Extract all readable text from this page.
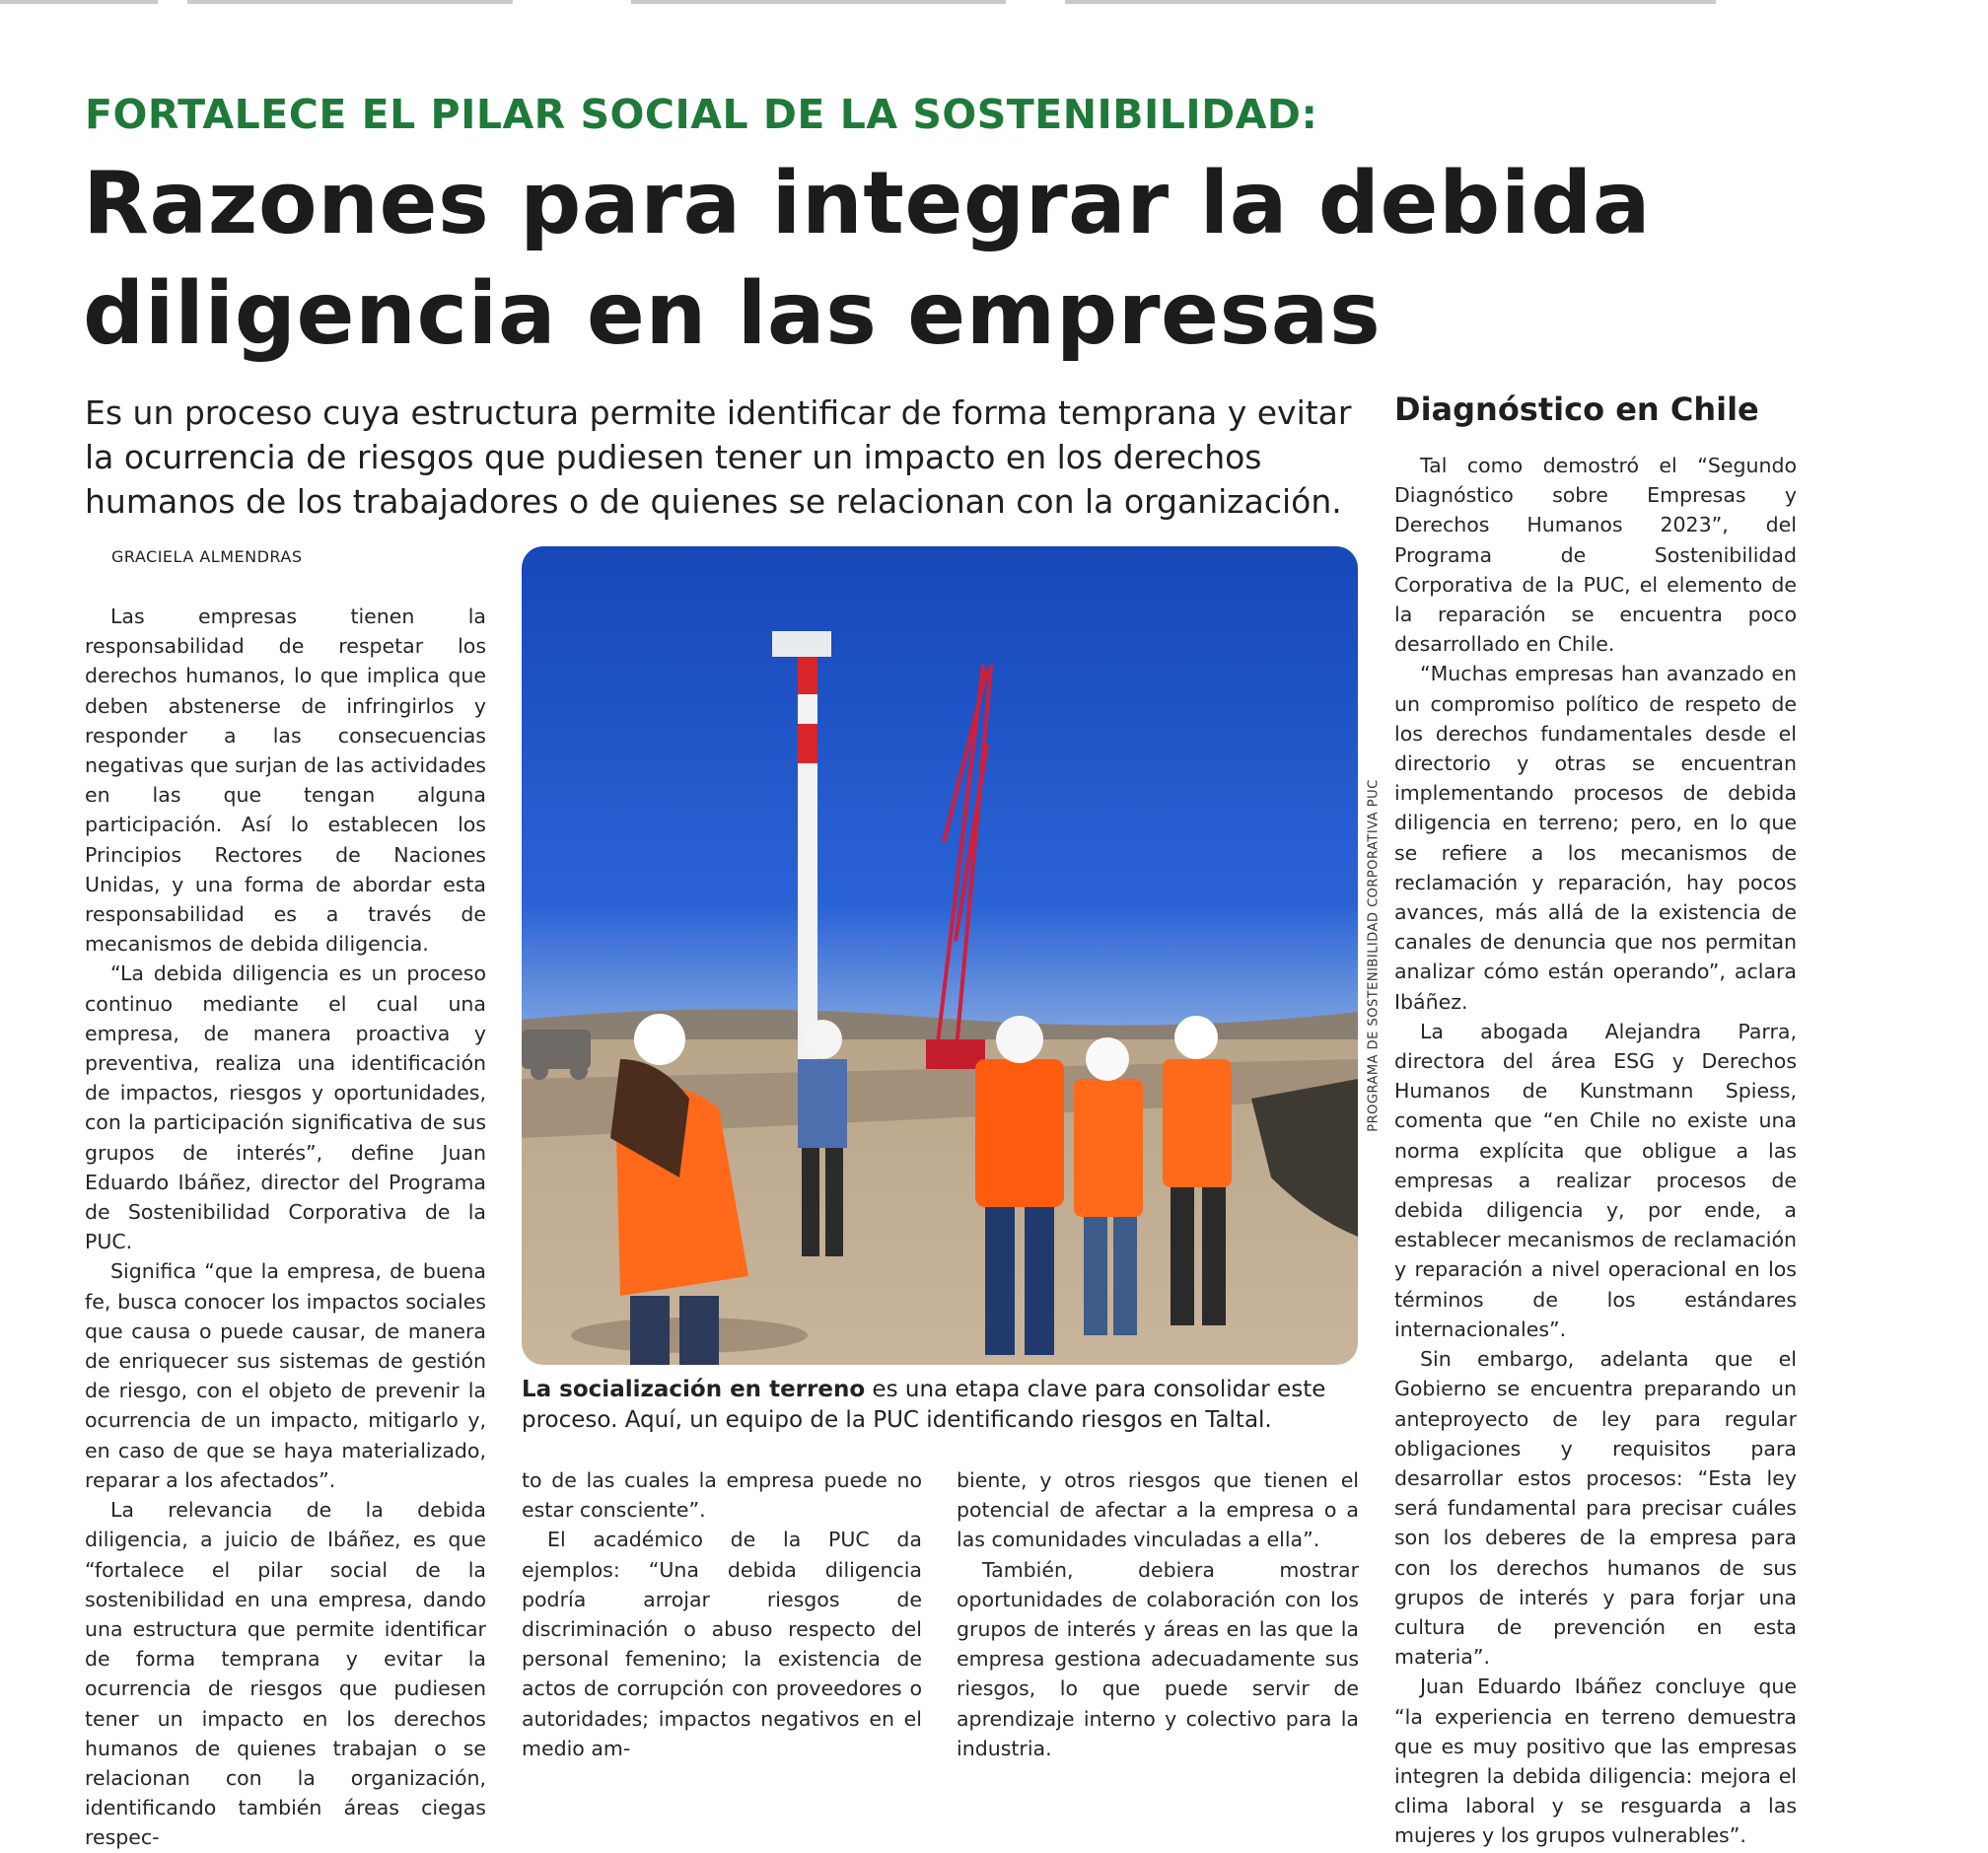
FORTALECE EL PILAR SOCIAL DE LA SOSTENIBILIDAD:
Razones para integrar la debida diligencia en las empresas
Es un proceso cuya estructura permite identificar de forma temprana y evitar la ocurrencia de riesgos que pudiesen tener un impacto en los derechos humanos de los trabajadores o de quienes se relacionan con la organización.
GRACIELA ALMENDRAS

Las empresas tienen la responsabilidad de respetar los derechos humanos, lo que implica que deben abstenerse de infringirlos y responder a las consecuencias negativas que surjan de las actividades en las que tengan alguna participación. Así lo establecen los Principios Rectores de Naciones Unidas, y una forma de abordar esta responsabilidad es a través de mecanismos de debida diligencia.

“La debida diligencia es un proceso continuo mediante el cual una empresa, de manera proactiva y preventiva, realiza una identificación de impactos, riesgos y oportunidades, con la participación significativa de sus grupos de interés”, define Juan Eduardo Ibáñez, director del Programa de Sostenibilidad Corporativa de la PUC.

Significa “que la empresa, de buena fe, busca conocer los impactos sociales que causa o puede causar, de manera de enriquecer sus sistemas de gestión de riesgo, con el objeto de prevenir la ocurrencia de un impacto, mitigarlo y, en caso de que se haya materializado, reparar a los afectados”.

La relevancia de la debida diligencia, a juicio de Ibáñez, es que “fortalece el pilar social de la sostenibilidad en una empresa, dando una estructura que permite identificar de forma temprana y evitar la ocurrencia de riesgos que pudiesen tener un impacto en los derechos humanos de quienes trabajan o se relacionan con la organización, identificando también áreas ciegas respec-

PROGRAMA DE SOSTENIBILIDAD CORPORATIVA PUC
La socialización en terreno es una etapa clave para consolidar este proceso. Aquí, un equipo de la PUC identificando riesgos en Taltal.

to de las cuales la empresa puede no estar consciente”.

El académico de la PUC da ejemplos: “Una debida diligencia podría arrojar riesgos de discriminación o abuso respecto del personal femenino; la existencia de actos de corrupción con proveedores o autoridades; impactos negativos en el medio am-

biente, y otros riesgos que tienen el potencial de afectar a la empresa o a las comunidades vinculadas a ella”.

También, debiera mostrar oportunidades de colaboración con los grupos de interés y áreas en las que la empresa gestiona adecuadamente sus riesgos, lo que puede servir de aprendizaje interno y colectivo para la industria.

Diagnóstico en Chile

Tal como demostró el “Segundo Diagnóstico sobre Empresas y Derechos Humanos 2023”, del Programa de Sostenibilidad Corporativa de la PUC, el elemento de la reparación se encuentra poco desarrollado en Chile.

“Muchas empresas han avanzado en un compromiso político de respeto de los derechos fundamentales desde el directorio y otras se encuentran implementando procesos de debida diligencia en terreno; pero, en lo que se refiere a los mecanismos de reclamación y reparación, hay pocos avances, más allá de la existencia de canales de denuncia que nos permitan analizar cómo están operando”, aclara Ibáñez.

La abogada Alejandra Parra, directora del área ESG y Derechos Humanos de Kunstmann Spiess, comenta que “en Chile no existe una norma explícita que obligue a las empresas a realizar procesos de debida diligencia y, por ende, a establecer mecanismos de reclamación y reparación a nivel operacional en los términos de los estándares internacionales”.

Sin embargo, adelanta que el Gobierno se encuentra preparando un anteproyecto de ley para regular obligaciones y requisitos para desarrollar estos procesos: “Esta ley será fundamental para precisar cuáles son los deberes de la empresa para con los derechos humanos de sus grupos de interés y para forjar una cultura de prevención en esta materia”.

Juan Eduardo Ibáñez concluye que “la experiencia en terreno demuestra que es muy positivo que las empresas integren la debida diligencia: mejora el clima laboral y se resguarda a las mujeres y los grupos vulnerables”.
